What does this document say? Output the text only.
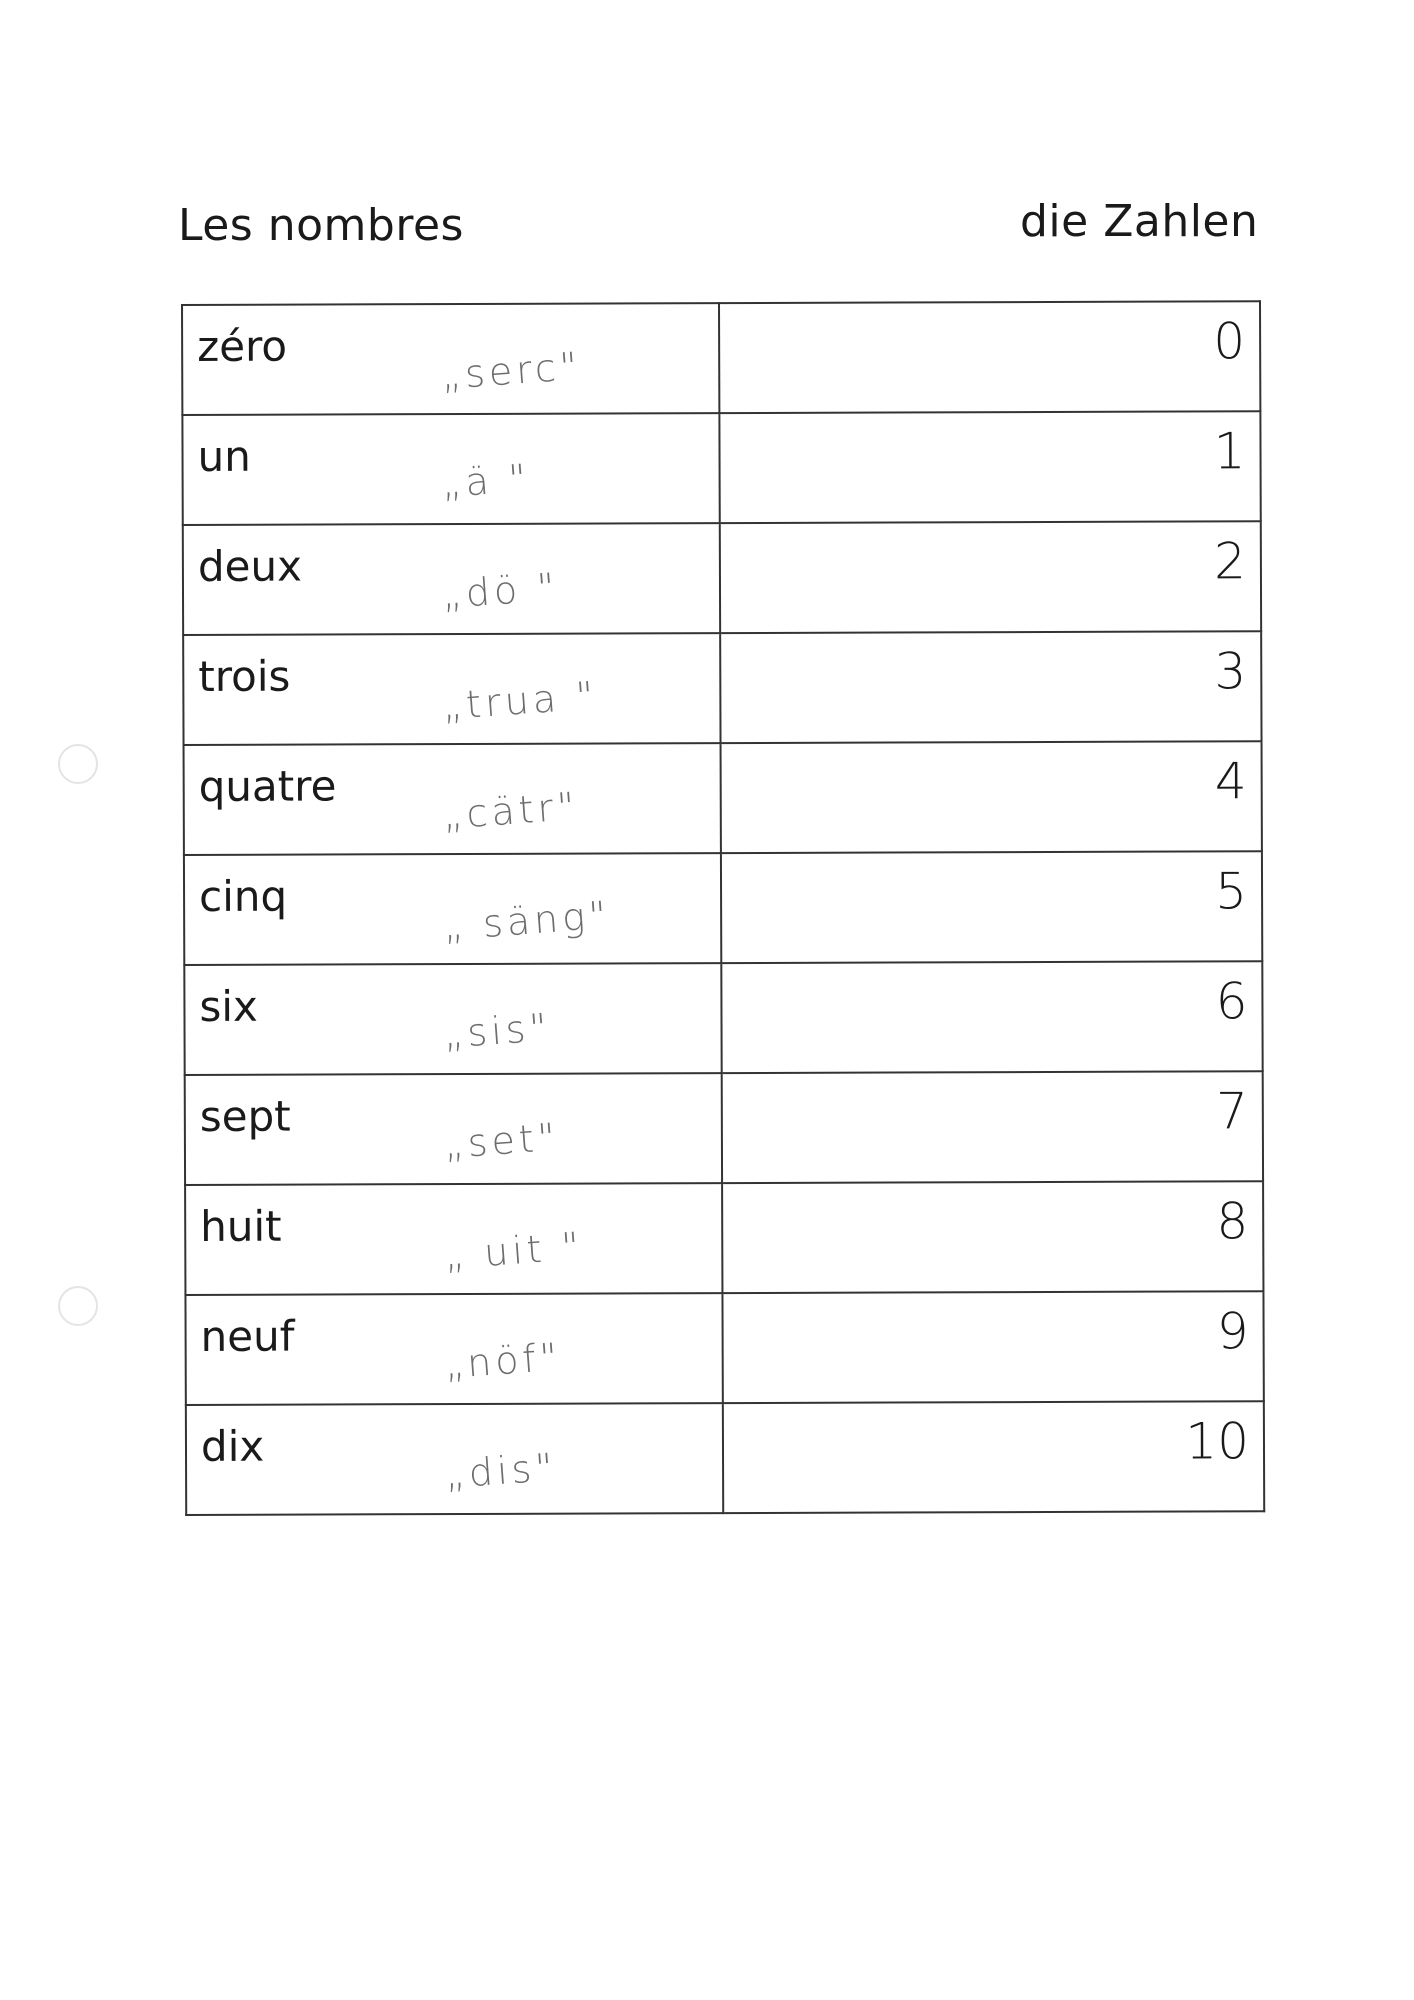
Les nombres	die Zahlen
zéro „serc"	0

un „ä "	1

deux „dö "	2

trois „trua "	3

quatre „cätr"	4

cinq „ säng"	5

six „sis"	6

sept „set"	7

huit „ uit "	8

neuf „nöf"	9

dix „dis"	10
